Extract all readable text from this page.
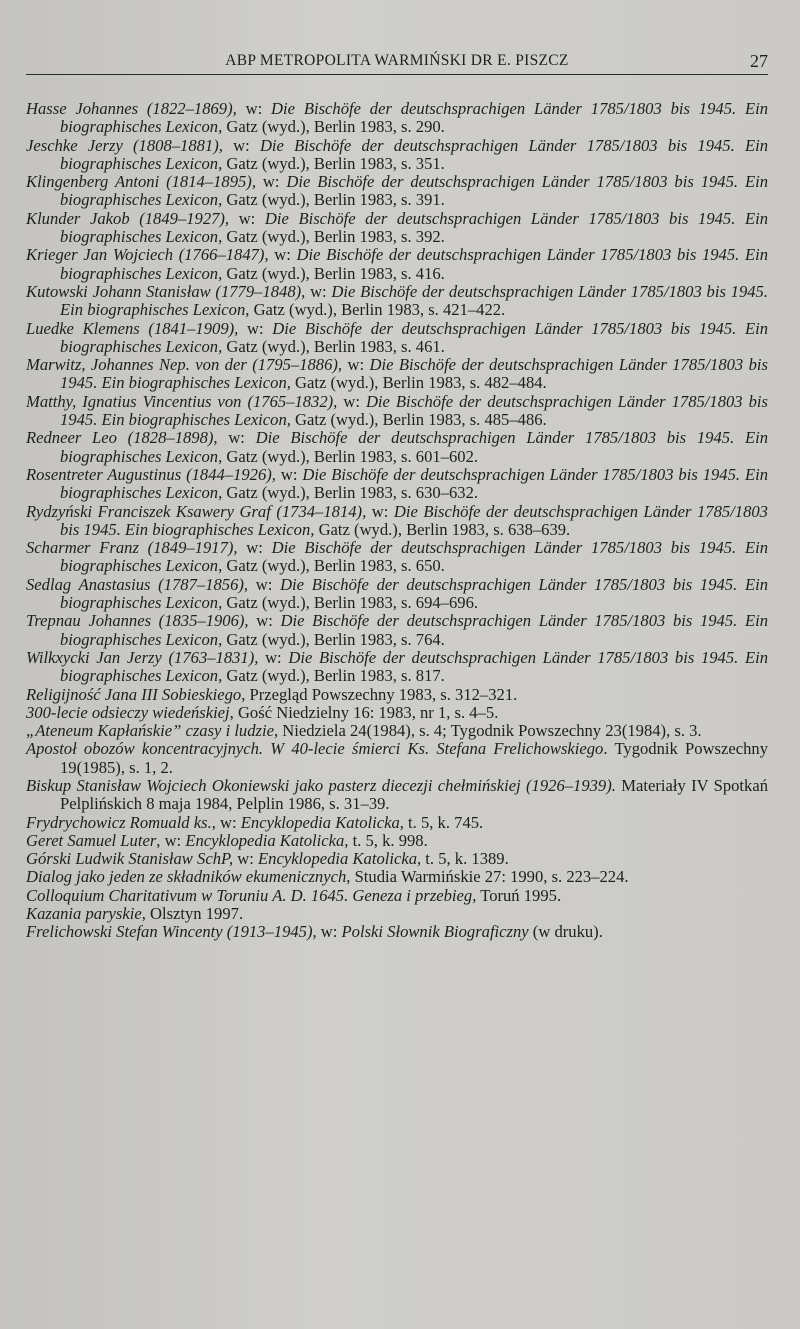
ABP METROPOLITA WARMIŃSKI DR E. PISZCZ	27
Hasse Johannes (1822–1869), w: Die Bischöfe der deutschsprachigen Länder 1785/1803 bis 1945. Ein biographisches Lexicon, Gatz (wyd.), Berlin 1983, s. 290.
Jeschke Jerzy (1808–1881), w: Die Bischöfe der deutschsprachigen Länder 1785/1803 bis 1945. Ein biographisches Lexicon, Gatz (wyd.), Berlin 1983, s. 351.
Klingenberg Antoni (1814–1895), w: Die Bischöfe der deutschsprachigen Länder 1785/1803 bis 1945. Ein biographisches Lexicon, Gatz (wyd.), Berlin 1983, s. 391.
Klunder Jakob (1849–1927), w: Die Bischöfe der deutschsprachigen Länder 1785/1803 bis 1945. Ein biographisches Lexicon, Gatz (wyd.), Berlin 1983, s. 392.
Krieger Jan Wojciech (1766–1847), w: Die Bischöfe der deutschsprachigen Länder 1785/1803 bis 1945. Ein biographisches Lexicon, Gatz (wyd.), Berlin 1983, s. 416.
Kutowski Johann Stanisław (1779–1848), w: Die Bischöfe der deutschsprachigen Länder 1785/1803 bis 1945. Ein biographisches Lexicon, Gatz (wyd.), Berlin 1983, s. 421–422.
Luedke Klemens (1841–1909), w: Die Bischöfe der deutschsprachigen Länder 1785/1803 bis 1945. Ein biographisches Lexicon, Gatz (wyd.), Berlin 1983, s. 461.
Marwitz, Johannes Nep. von der (1795–1886), w: Die Bischöfe der deutschsprachigen Länder 1785/1803 bis 1945. Ein biographisches Lexicon, Gatz (wyd.), Berlin 1983, s. 482–484.
Matthy, Ignatius Vincentius von (1765–1832), w: Die Bischöfe der deutschsprachigen Länder 1785/1803 bis 1945. Ein biographisches Lexicon, Gatz (wyd.), Berlin 1983, s. 485–486.
Redneer Leo (1828–1898), w: Die Bischöfe der deutschsprachigen Länder 1785/1803 bis 1945. Ein biographisches Lexicon, Gatz (wyd.), Berlin 1983, s. 601–602.
Rosentreter Augustinus (1844–1926), w: Die Bischöfe der deutschsprachigen Länder 1785/1803 bis 1945. Ein biographisches Lexicon, Gatz (wyd.), Berlin 1983, s. 630–632.
Rydzyński Franciszek Ksawery Graf (1734–1814), w: Die Bischöfe der deutschsprachigen Länder 1785/1803 bis 1945. Ein biographisches Lexicon, Gatz (wyd.), Berlin 1983, s. 638–639.
Scharmer Franz (1849–1917), w: Die Bischöfe der deutschsprachigen Länder 1785/1803 bis 1945. Ein biographisches Lexicon, Gatz (wyd.), Berlin 1983, s. 650.
Sedlag Anastasius (1787–1856), w: Die Bischöfe der deutschsprachigen Länder 1785/1803 bis 1945. Ein biographisches Lexicon, Gatz (wyd.), Berlin 1983, s. 694–696.
Trepnau Johannes (1835–1906), w: Die Bischöfe der deutschsprachigen Länder 1785/1803 bis 1945. Ein biographisches Lexicon, Gatz (wyd.), Berlin 1983, s. 764.
Wilkxycki Jan Jerzy (1763–1831), w: Die Bischöfe der deutschsprachigen Länder 1785/1803 bis 1945. Ein biographisches Lexicon, Gatz (wyd.), Berlin 1983, s. 817.
Religijność Jana III Sobieskiego, Przegląd Powszechny 1983, s. 312–321.
300-lecie odsieczy wiedeńskiej, Gość Niedzielny 16: 1983, nr 1, s. 4–5.
„Ateneum Kapłańskie” czasy i ludzie, Niedziela 24(1984), s. 4; Tygodnik Powszechny 23(1984), s. 3.
Apostoł obozów koncentracyjnych. W 40-lecie śmierci Ks. Stefana Frelichowskiego. Tygodnik Powszechny 19(1985), s. 1, 2.
Biskup Stanisław Wojciech Okoniewski jako pasterz diecezji chełmińskiej (1926–1939). Materiały IV Spotkań Pelplińskich 8 maja 1984, Pelplin 1986, s. 31–39.
Frydrychowicz Romuald ks., w: Encyklopedia Katolicka, t. 5, k. 745.
Geret Samuel Luter, w: Encyklopedia Katolicka, t. 5, k. 998.
Górski Ludwik Stanisław SchP, w: Encyklopedia Katolicka, t. 5, k. 1389.
Dialog jako jeden ze składników ekumenicznych, Studia Warmińskie 27: 1990, s. 223–224.
Colloquium Charitativum w Toruniu A. D. 1645. Geneza i przebieg, Toruń 1995.
Kazania paryskie, Olsztyn 1997.
Frelichowski Stefan Wincenty (1913–1945), w: Polski Słownik Biograficzny (w druku).
